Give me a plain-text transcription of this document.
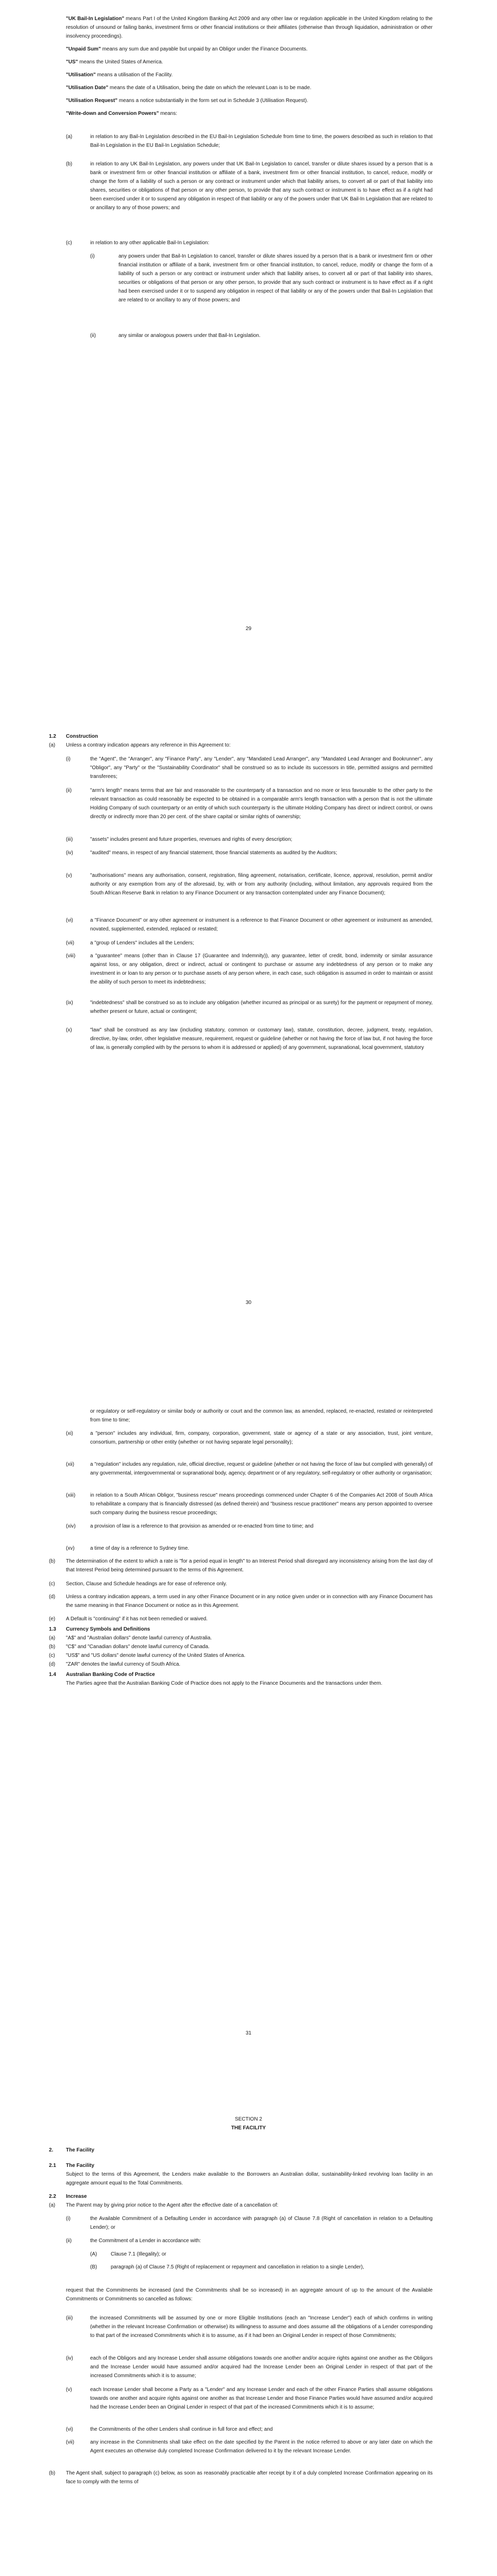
"UK Bail-In Legislation" means Part I of the United Kingdom Banking Act 2009 and any other law or regulation applicable in the United Kingdom relating to the resolution of unsound or failing banks, investment firms or other financial institutions or their affiliates (otherwise than through liquidation, administration or other insolvency proceedings).

"Unpaid Sum" means any sum due and payable but unpaid by an Obligor under the Finance Documents.

"US" means the United States of America.

"Utilisation" means a utilisation of the Facility.

"Utilisation Date" means the date of a Utilisation, being the date on which the relevant Loan is to be made.

"Utilisation Request" means a notice substantially in the form set out in Schedule 3 (Utilisation Request).

"Write-down and Conversion Powers" means:

(a)	in relation to any Bail-In Legislation described in the EU Bail-In Legislation Schedule from time to time, the powers described as such in relation to that Bail-In Legislation in the EU Bail-In Legislation Schedule;
(b)	in relation to any UK Bail-In Legislation, any powers under that UK Bail-In Legislation to cancel, transfer or dilute shares issued by a person that is a bank or investment firm or other financial institution or affiliate of a bank, investment firm or other financial institution, to cancel, reduce, modify or change the form of a liability of such a person or any contract or instrument under which that liability arises, to convert all or part of that liability into shares, securities or obligations of that person or any other person, to provide that any such contract or instrument is to have effect as if a right had been exercised under it or to suspend any obligation in respect of that liability or any of the powers under that UK Bail-In Legislation that are related to or ancillary to any of those powers; and
(c)	in relation to any other applicable Bail-In Legislation:
(i)	any powers under that Bail-In Legislation to cancel, transfer or dilute shares issued by a person that is a bank or investment firm or other financial institution or affiliate of a bank, investment firm or other financial institution, to cancel, reduce, modify or change the form of a liability of such a person or any contract or instrument under which that liability arises, to convert all or part of that liability into shares, securities or obligations of that person or any other person, to provide that any such contract or instrument is to have effect as if a right had been exercised under it or to suspend any obligation in respect of that liability or any of the powers under that Bail-In Legislation that are related to or ancillary to any of those powers; and
(ii)	any similar or analogous powers under that Bail-In Legislation.
29
1.2 Construction
(a) Unless a contrary indication appears any reference in this Agreement to:
(i)	the "Agent", the "Arranger", any "Finance Party", any "Lender", any "Mandated Lead Arranger", any "Mandated Lead Arranger and Bookrunner", any "Obligor", any "Party" or the "Sustainability Coordinator" shall be construed so as to include its successors in title, permitted assigns and permitted transferees;
(ii)	"arm's length" means terms that are fair and reasonable to the counterparty of a transaction and no more or less favourable to the other party to the relevant transaction as could reasonably be expected to be obtained in a comparable arm's length transaction with a person that is not the ultimate Holding Company of such counterparty or an entity of which such counterparty is the ultimate Holding Company has direct or indirect control, or owns directly or indirectly more than 20 per cent. of the share capital or similar rights of ownership;
(iii)	"assets" includes present and future properties, revenues and rights of every description;
(iv)	"audited" means, in respect of any financial statement, those financial statements as audited by the Auditors;
(v)	"authorisations" means any authorisation, consent, registration, filing agreement, notarisation, certificate, licence, approval, resolution, permit and/or authority or any exemption from any of the aforesaid, by, with or from any authority (including, without limitation, any approvals required from the South African Reserve Bank in relation to any Finance Document or any transaction contemplated under any Finance Document);
(vi)	a "Finance Document" or any other agreement or instrument is a reference to that Finance Document or other agreement or instrument as amended, novated, supplemented, extended, replaced or restated;
(vii)	a "group of Lenders" includes all the Lenders;
(viii)	a "guarantee" means (other than in Clause 17 (Guarantee and Indemnity)), any guarantee, letter of credit, bond, indemnity or similar assurance against loss, or any obligation, direct or indirect, actual or contingent to purchase or assume any indebtedness of any person or to make any investment in or loan to any person or to purchase assets of any person where, in each case, such obligation is assumed in order to maintain or assist the ability of such person to meet its indebtedness;
(ix)	"indebtedness" shall be construed so as to include any obligation (whether incurred as principal or as surety) for the payment or repayment of money, whether present or future, actual or contingent;
(x)	"law" shall be construed as any law (including statutory, common or customary law), statute, constitution, decree, judgment, treaty, regulation, directive, by-law, order, other legislative measure, requirement, request or guideline (whether or not having the force of law but, if not having the force of law, is generally complied with by the persons to whom it is addressed or applied) of any government, supranational, local government, statutory
30
or regulatory or self-regulatory or similar body or authority or court and the common law, as amended, replaced, re-enacted, restated or reinterpreted from time to time;
(xi)	a "person" includes any individual, firm, company, corporation, government, state or agency of a state or any association, trust, joint venture, consortium, partnership or other entity (whether or not having separate legal personality);
(xii)	a "regulation" includes any regulation, rule, official directive, request or guideline (whether or not having the force of law but complied with generally) of any governmental, intergovernmental or supranational body, agency, department or of any regulatory, self-regulatory or other authority or organisation;
(xiii)	in relation to a South African Obligor, "business rescue" means proceedings commenced under Chapter 6 of the Companies Act 2008 of South Africa to rehabilitate a company that is financially distressed (as defined therein) and "business rescue practitioner" means any person appointed to oversee such company during the business rescue proceedings;
(xiv)	a provision of law is a reference to that provision as amended or re-enacted from time to time; and
(xv)	a time of day is a reference to Sydney time.
(b) The determination of the extent to which a rate is "for a period equal in length" to an Interest Period shall disregard any inconsistency arising from the last day of that Interest Period being determined pursuant to the terms of this Agreement.
(c) Section, Clause and Schedule headings are for ease of reference only.
(d) Unless a contrary indication appears, a term used in any other Finance Document or in any notice given under or in connection with any Finance Document has the same meaning in that Finance Document or notice as in this Agreement.
(e) A Default is "continuing" if it has not been remedied or waived.
1.3 Currency Symbols and Definitions
(a) "A$" and "Australian dollars" denote lawful currency of Australia.
(b) "C$" and "Canadian dollars" denote lawful currency of Canada.
(c) "US$" and "US dollars" denote lawful currency of the United States of America.
(d) "ZAR" denotes the lawful currency of South Africa.
1.4 Australian Banking Code of Practice
The Parties agree that the Australian Banking Code of Practice does not apply to the Finance Documents and the transactions under them.
31
SECTION 2
THE FACILITY
2. The Facility
2.1 The Facility
Subject to the terms of this Agreement, the Lenders make available to the Borrowers an Australian dollar, sustainability-linked revolving loan facility in an aggregate amount equal to the Total Commitments.
2.2 Increase
(a) The Parent may by giving prior notice to the Agent after the effective date of a cancellation of:
(i)	the Available Commitment of a Defaulting Lender in accordance with paragraph (a) of Clause 7.8 (Right of cancellation in relation to a Defaulting Lender); or
(ii)	the Commitment of a Lender in accordance with:
(A)	Clause 7.1 (Illegality); or
(B)	paragraph (a) of Clause 7.5 (Right of replacement or repayment and cancellation in relation to a single Lender),
request that the Commitments be increased (and the Commitments shall be so increased) in an aggregate amount of up to the amount of the Available Commitments or Commitments so cancelled as follows:
(iii)	the increased Commitments will be assumed by one or more Eligible Institutions (each an "Increase Lender") each of which confirms in writing (whether in the relevant Increase Confirmation or otherwise) its willingness to assume and does assume all the obligations of a Lender corresponding to that part of the increased Commitments which it is to assume, as if it had been an Original Lender in respect of those Commitments;
(iv)	each of the Obligors and any Increase Lender shall assume obligations towards one another and/or acquire rights against one another as the Obligors and the Increase Lender would have assumed and/or acquired had the Increase Lender been an Original Lender in respect of that part of the increased Commitments which it is to assume;
(v)	each Increase Lender shall become a Party as a "Lender" and any Increase Lender and each of the other Finance Parties shall assume obligations towards one another and acquire rights against one another as that Increase Lender and those Finance Parties would have assumed and/or acquired had the Increase Lender been an Original Lender in respect of that part of the increased Commitments which it is to assume;
(vi)	the Commitments of the other Lenders shall continue in full force and effect; and
(vii)	any increase in the Commitments shall take effect on the date specified by the Parent in the notice referred to above or any later date on which the Agent executes an otherwise duly completed Increase Confirmation delivered to it by the relevant Increase Lender.
(b) The Agent shall, subject to paragraph (c) below, as soon as reasonably practicable after receipt by it of a duly completed Increase Confirmation appearing on its face to comply with the terms of
